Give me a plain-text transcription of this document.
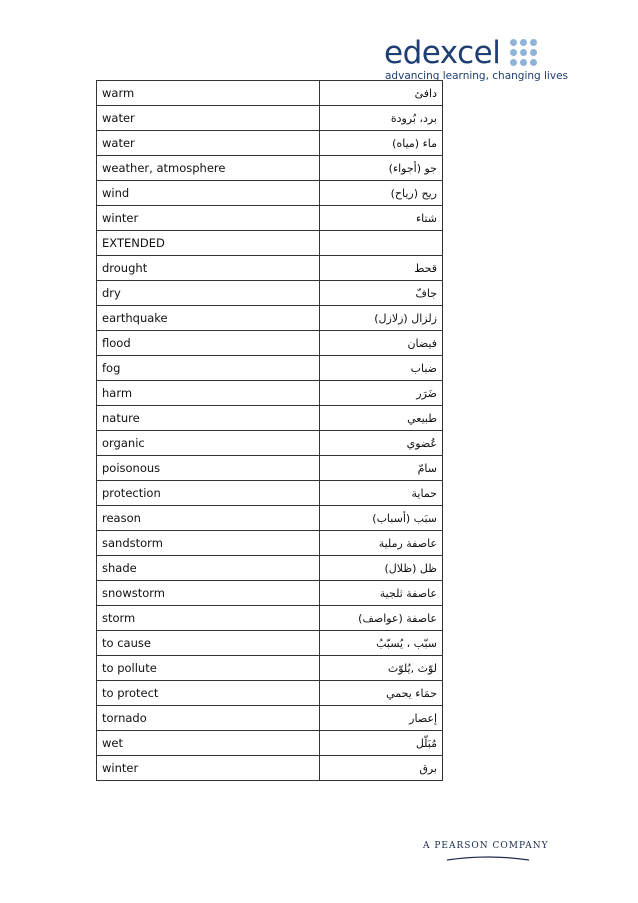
edexcel
advancing learning, changing lives
warm	دافئ
water	برد، بُرودة
water	ماء (مياه)
weather, atmosphere	جو (أجواء)
wind	ريح (رياح)
winter	شتاء
EXTENDED	
drought	قحط
dry	جافّ
earthquake	زلزال (زلازل)
flood	فيضان
fog	ضباب
harm	ضَرَر
nature	طبيعي
organic	عُضوي
poisonous	سامّ
protection	حماية
reason	سبَب (أسباب)
sandstorm	عاصفة رملية
shade	ظل (ظلال)
snowstorm	عاصفة ثلجية
storm	عاصفة (عواصف)
to cause	سبّب ، يُسبّبُ
to pollute	لوّث ,يُلوّث
to protect	حمَاء يحمي
tornado	إعصار
wet	مُبَلّل
winter	برق
A PEARSON COMPANY
